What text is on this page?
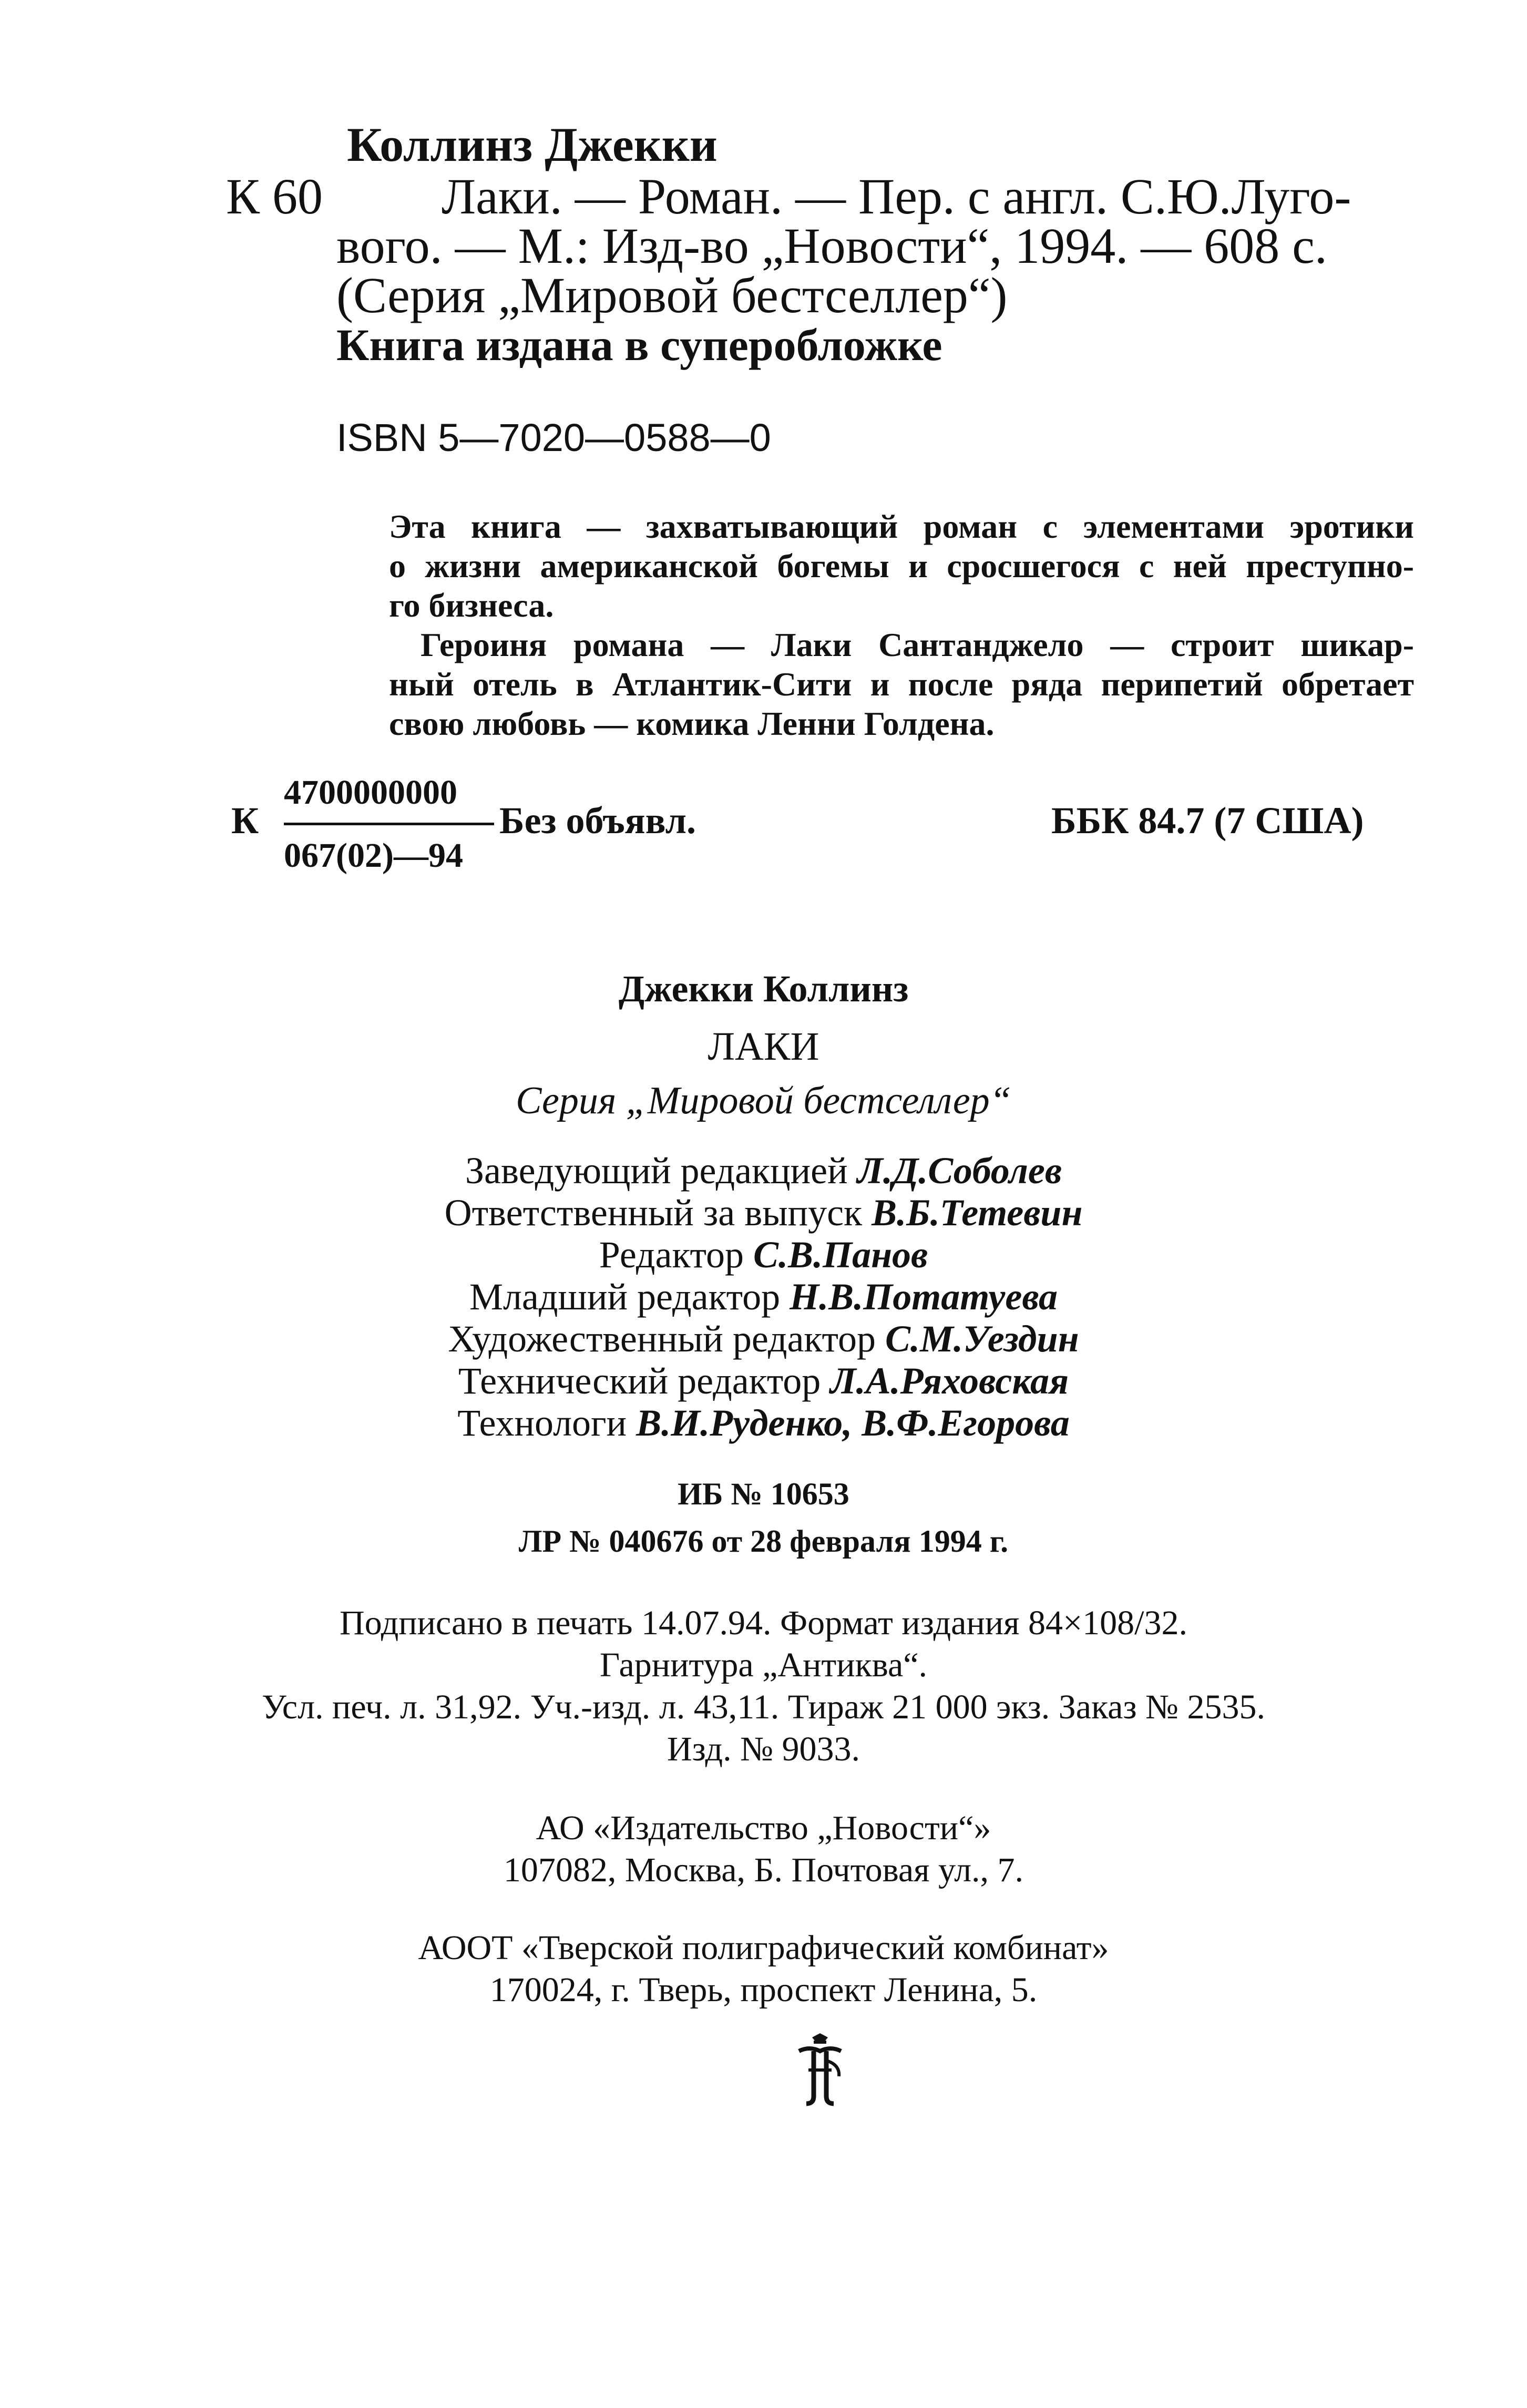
Коллинз Джекки
К 60 Лаки. — Роман. — Пер. с англ. С.Ю.Луго-
вого. — М.: Изд-во „Новости“, 1994. — 608 с.
(Серия „Мировой бестселлер“)
Книга издана в суперобложке
ISBN 5—7020—0588—0
Эта книга — захватывающий роман с элементами эротики
о жизни американской богемы и сросшегося с ней преступно-
го бизнеса.
Героиня романа — Лаки Сантанджело — строит шикар-
ный отель в Атлантик-Сити и после ряда перипетий обретает
свою любовь — комика Ленни Голдена.
К
4700000000
067(02)—94
Без объявл.	ББК 84.7 (7 США)
Джекки Коллинз
ЛАКИ
Серия „Мировой бестселлер“
Заведующий редакцией Л.Д.Соболев
Ответственный за выпуск В.Б.Тетевин
Редактор С.В.Панов
Младший редактор Н.В.Потатуева
Художественный редактор С.М.Уездин
Технический редактор Л.А.Ряховская
Технологи В.И.Руденко, В.Ф.Егорова
ИБ № 10653
ЛР № 040676 от 28 февраля 1994 г.
Подписано в печать 14.07.94. Формат издания 84×108/32.
Гарнитура „Антиква“.
Усл. печ. л. 31,92. Уч.-изд. л. 43,11. Тираж 21 000 экз. Заказ № 2535.
Изд. № 9033.
АО «Издательство „Новости“»
107082, Москва, Б. Почтовая ул., 7.
АООТ «Тверской полиграфический комбинат»
170024, г. Тверь, проспект Ленина, 5.
